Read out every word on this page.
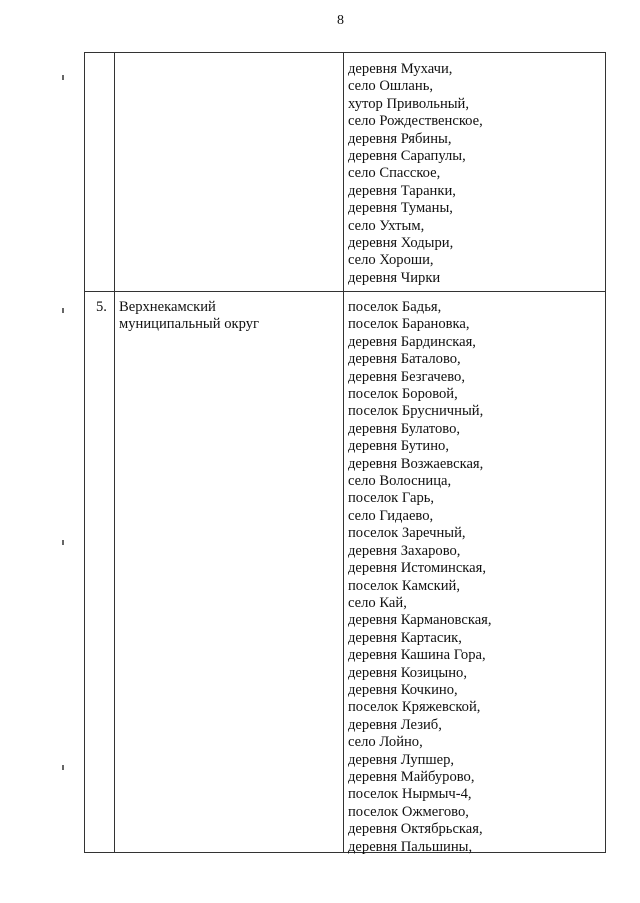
8
деревня Мухачи,
село Ошлань,
хутор Привольный,
село Рождественское,
деревня Рябины,
деревня Сарапулы,
село Спасское,
деревня Таранки,
деревня Туманы,
село Ухтым,
деревня Ходыри,
село Хороши,
деревня Чирки
5. Верхнекамский муниципальный округ
поселок Бадья,
поселок Барановка,
деревня Бардинская,
деревня Баталово,
деревня Безгачево,
поселок Боровой,
поселок Брусничный,
деревня Булатово,
деревня Бутино,
деревня Возжаевская,
село Волосница,
поселок Гарь,
село Гидаево,
поселок Заречный,
деревня Захарово,
деревня Истоминская,
поселок Камский,
село Кай,
деревня Кармановская,
деревня Картасик,
деревня Кашина Гора,
деревня Козицыно,
деревня Кочкино,
поселок Кряжевской,
деревня Лезиб,
село Лойно,
деревня Лупшер,
деревня Майбурово,
поселок Нырмыч-4,
поселок Ожмегово,
деревня Октябрьская,
деревня Пальшины,
